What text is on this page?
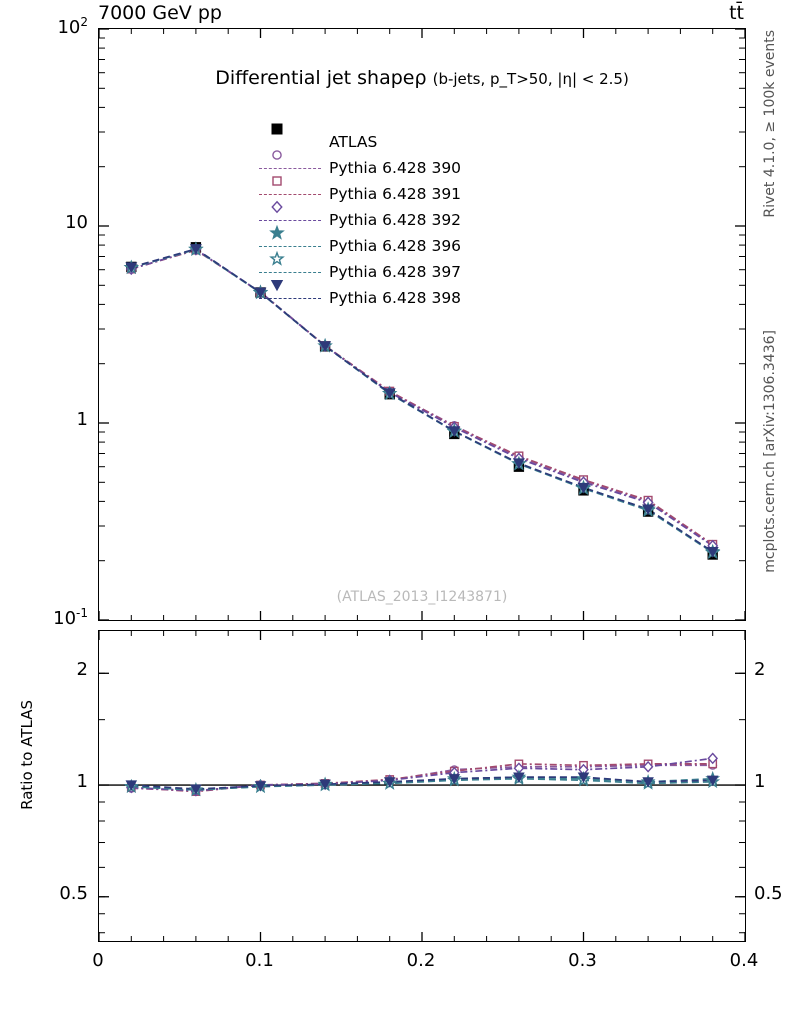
7000 GeV pp	tt̄
Rivet 4.1.0, ≥ 100k events
mcplots.cern.ch [arXiv:1306.3436]
Differential jet shapeρ (b-jets, p_T>50, |η| < 2.5)
ATLAS
Pythia 6.428 390
Pythia 6.428 391
Pythia 6.428 392
Pythia 6.428 396
Pythia 6.428 397
Pythia 6.428 398
(ATLAS_2013_I1243871)
$10^2$
10
1
$10^{-1}$
Ratio to ATLAS
2
1
0.5
2
1
0.5
0	0.1	0.2	0.3	0.4
